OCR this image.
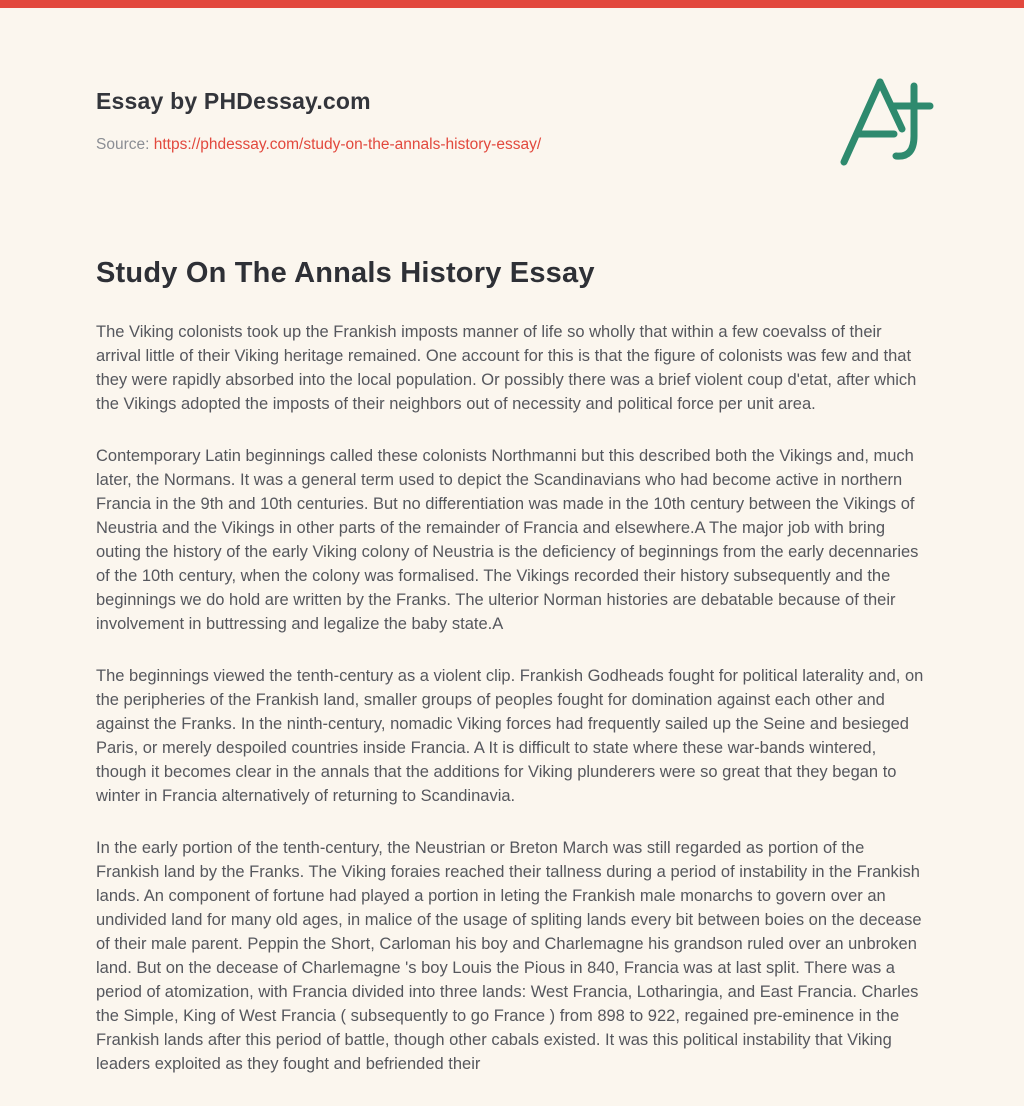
Essay by PHDessay.com
Source: https://phdessay.com/study-on-the-annals-history-essay/
Study On The Annals History Essay

The Viking colonists took up the Frankish imposts manner of life so wholly that within a few coevalss of their arrival little of their Viking heritage remained. One account for this is that the figure of colonists was few and that they were rapidly absorbed into the local population. Or possibly there was a brief violent coup d'etat, after which the Vikings adopted the imposts of their neighbors out of necessity and political force per unit area.

Contemporary Latin beginnings called these colonists Northmanni but this described both the Vikings and, much later, the Normans. It was a general term used to depict the Scandinavians who had become active in northern Francia in the 9th and 10th centuries. But no differentiation was made in the 10th century between the Vikings of Neustria and the Vikings in other parts of the remainder of Francia and elsewhere.A The major job with bring outing the history of the early Viking colony of Neustria is the deficiency of beginnings from the early decennaries of the 10th century, when the colony was formalised. The Vikings recorded their history subsequently and the beginnings we do hold are written by the Franks. The ulterior Norman histories are debatable because of their involvement in buttressing and legalize the baby state.A

The beginnings viewed the tenth-century as a violent clip. Frankish Godheads fought for political laterality and, on the peripheries of the Frankish land, smaller groups of peoples fought for domination against each other and against the Franks. In the ninth-century, nomadic Viking forces had frequently sailed up the Seine and besieged Paris, or merely despoiled countries inside Francia. A It is difficult to state where these war-bands wintered, though it becomes clear in the annals that the additions for Viking plunderers were so great that they began to winter in Francia alternatively of returning to Scandinavia.

In the early portion of the tenth-century, the Neustrian or Breton March was still regarded as portion of the Frankish land by the Franks. The Viking foraies reached their tallness during a period of instability in the Frankish lands. An component of fortune had played a portion in leting the Frankish male monarchs to govern over an undivided land for many old ages, in malice of the usage of spliting lands every bit between boies on the decease of their male parent. Peppin the Short, Carloman his boy and Charlemagne his grandson ruled over an unbroken land. But on the decease of Charlemagne 's boy Louis the Pious in 840, Francia was at last split. There was a period of atomization, with Francia divided into three lands: West Francia, Lotharingia, and East Francia. Charles the Simple, King of West Francia ( subsequently to go France ) from 898 to 922, regained pre-eminence in the Frankish lands after this period of battle, though other cabals existed. It was this political instability that Viking leaders exploited as they fought and befriended their
